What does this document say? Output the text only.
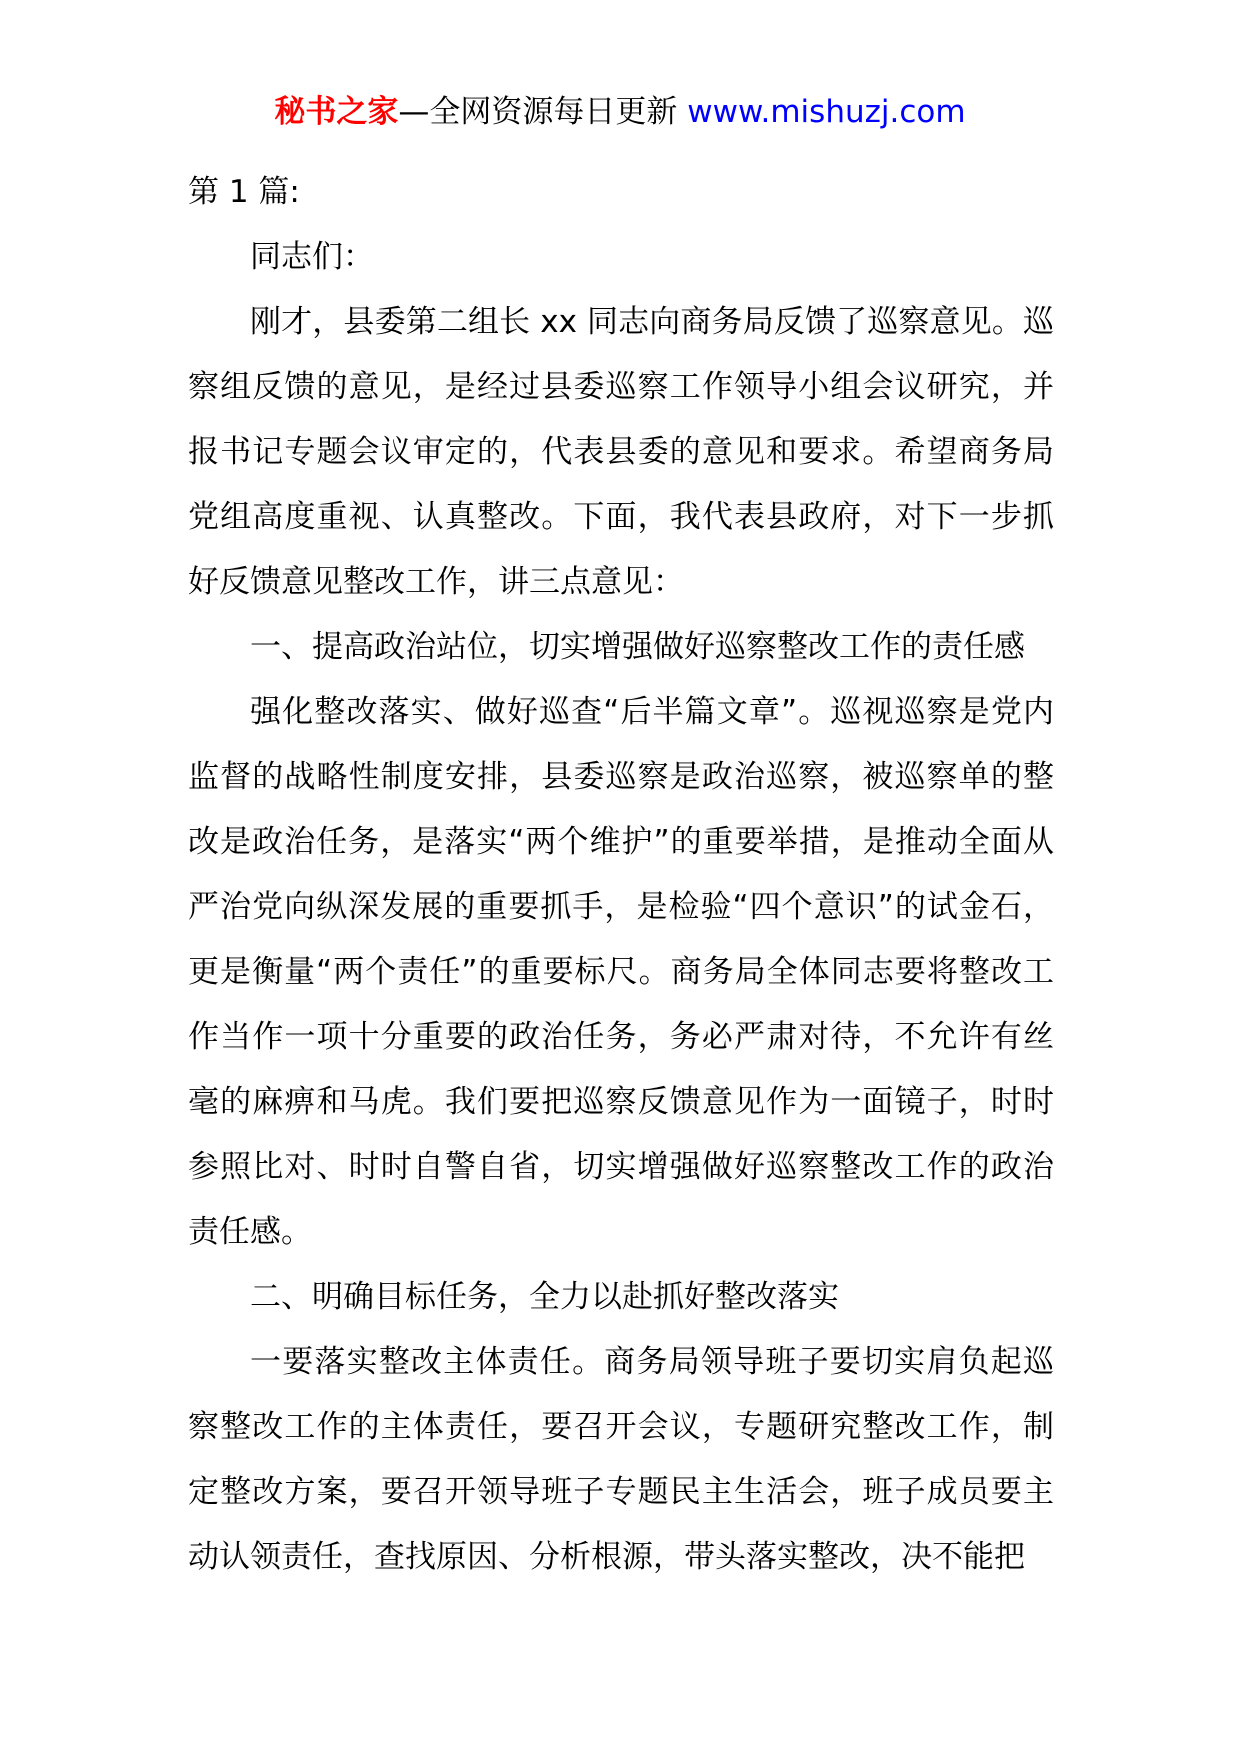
秘书之家—全网资源每日更新 www.mishuzj.com

第 1 篇:

同志们：

刚才，县委第二组长 xx 同志向商务局反馈了巡察意见。巡察组反馈的意见，是经过县委巡察工作领导小组会议研究，并报书记专题会议审定的，代表县委的意见和要求。希望商务局党组高度重视、认真整改。下面，我代表县政府，对下一步抓好反馈意见整改工作，讲三点意见：

一、提高政治站位，切实增强做好巡察整改工作的责任感

强化整改落实、做好巡查“后半篇文章”。巡视巡察是党内监督的战略性制度安排，县委巡察是政治巡察，被巡察单的整改是政治任务，是落实“两个维护”的重要举措，是推动全面从严治党向纵深发展的重要抓手，是检验“四个意识”的试金石，更是衡量“两个责任”的重要标尺。商务局全体同志要将整改工作当作一项十分重要的政治任务，务必严肃对待，不允许有丝毫的麻痹和马虎。我们要把巡察反馈意见作为一面镜子，时时参照比对、时时自警自省，切实增强做好巡察整改工作的政治责任感。

二、明确目标任务，全力以赴抓好整改落实

一要落实整改主体责任。商务局领导班子要切实肩负起巡察整改工作的主体责任，要召开会议，专题研究整改工作，制定整改方案，要召开领导班子专题民主生活会，班子成员要主动认领责任，查找原因、分析根源，带头落实整改，决不能把
